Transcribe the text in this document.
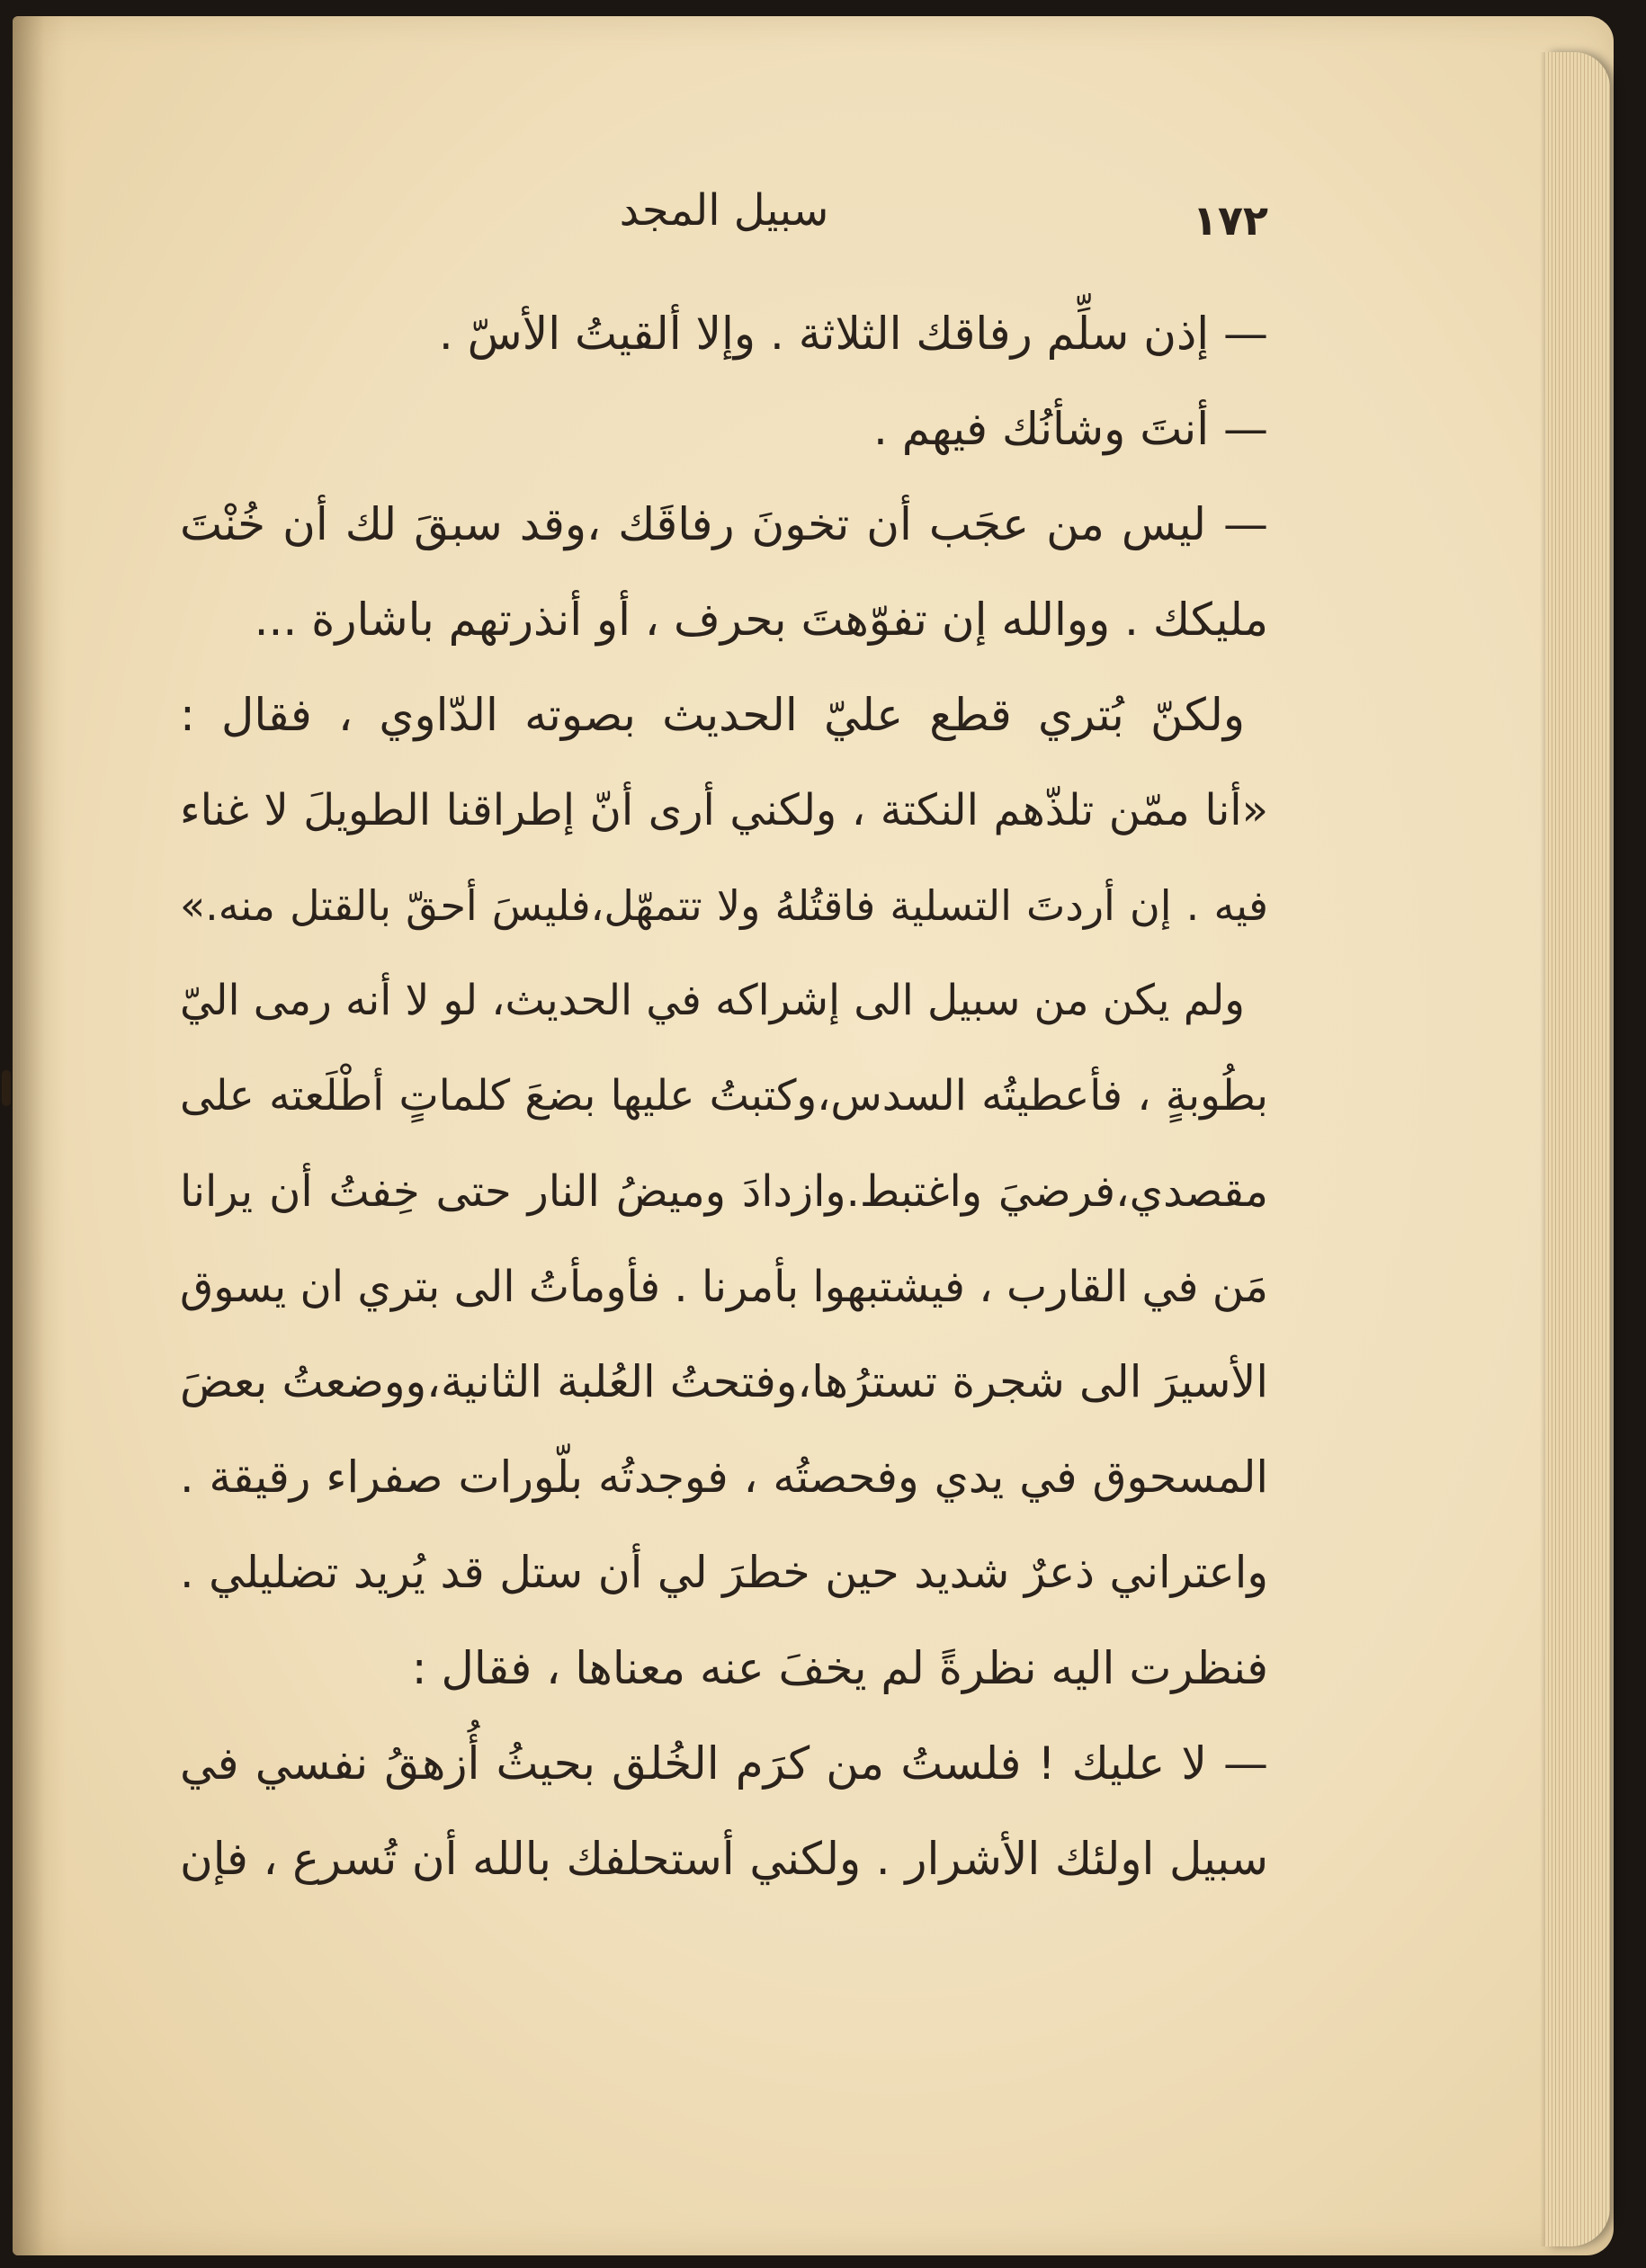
١٧٢
سبيل المجد
— إذن سلِّم رفاقك الثلاثة . وإلا ألقيتُ الأسّ .
— أنتَ وشأنُك فيهم .
— ليس من عجَب أن تخونَ رفاقَك ،وقد سبقَ لك أن خُنْتَ
مليكك . ووالله إن تفوّهتَ بحرف ، أو أنذرتهم باشارة ...
ولكنّ بُتري قطع عليّ الحديث بصوته الدّاوي ، فقال :
«أنا ممّن تلذّهم النكتة ، ولكني أرى أنّ إطراقنا الطويلَ لا غناء
فيه . إن أردتَ التسلية فاقتُلهُ ولا تتمهّل،فليسَ أحقّ بالقتل منه.»
ولم يكن من سبيل الى إشراكه في الحديث، لو لا أنه رمى اليّ
بطُوبةٍ ، فأعطيتُه السدس،وكتبتُ عليها بضعَ كلماتٍ أطْلَعته على
مقصدي،فرضيَ واغتبط.وازدادَ وميضُ النار حتى خِفتُ أن يرانا
مَن في القارب ، فيشتبهوا بأمرنا . فأومأتُ الى بتري ان يسوق
الأسيرَ الى شجرة تسترُها،وفتحتُ العُلبة الثانية،ووضعتُ بعضَ
المسحوق في يدي وفحصتُه ، فوجدتُه بلّورات صفراء رقيقة .
واعتراني ذعرٌ شديد حين خطرَ لي أن ستل قد يُريد تضليلي .
فنظرت اليه نظرةً لم يخفَ عنه معناها ، فقال :
— لا عليك ! فلستُ من كرَم الخُلق بحيثُ أُزهقُ نفسي في
سبيل اولئك الأشرار . ولكني أستحلفك بالله أن تُسرع ، فإن
